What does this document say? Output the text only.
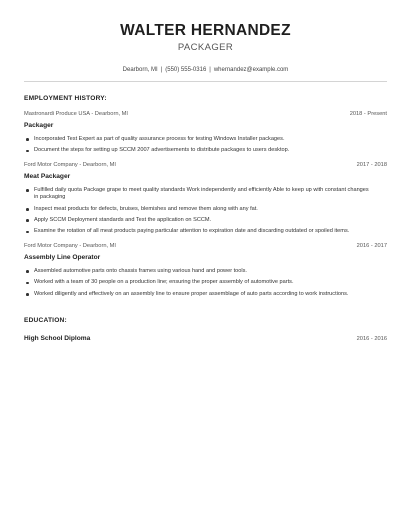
WALTER HERNANDEZ
PACKAGER
Dearborn, MI | (550) 555-0316 | whernandez@example.com
EMPLOYMENT HISTORY:
Mastronardi Produce USA - Dearborn, MI	2018 - Present
Packager
Incorporated Test Expert as part of quality assurance process for testing Windows Installer packages.
Document the steps for setting up SCCM 2007 advertisements to distribute packages to users desktop.
Ford Motor Company - Dearborn, MI	2017 - 2018
Meat Packager
Fulfilled daily quota Package grape to meet quality standards Work independently and efficiently Able to keep up with constant changes in packaging
Inspect meat products for defects, bruises, blemishes and remove them along with any fat.
Apply SCCM Deployment standards and Test the application on SCCM.
Examine the rotation of all meat products paying particular attention to expiration date and discarding outdated or spoiled items.
Ford Motor Company - Dearborn, MI	2016 - 2017
Assembly Line Operator
Assembled automotive parts onto chassis frames using various hand and power tools.
Worked with a team of 30 people on a production line; ensuring the proper assembly of automotive parts.
Worked diligently and effectively on an assembly line to ensure proper assemblage of auto parts according to work instructions.
EDUCATION:
High School Diploma	2016 - 2016
